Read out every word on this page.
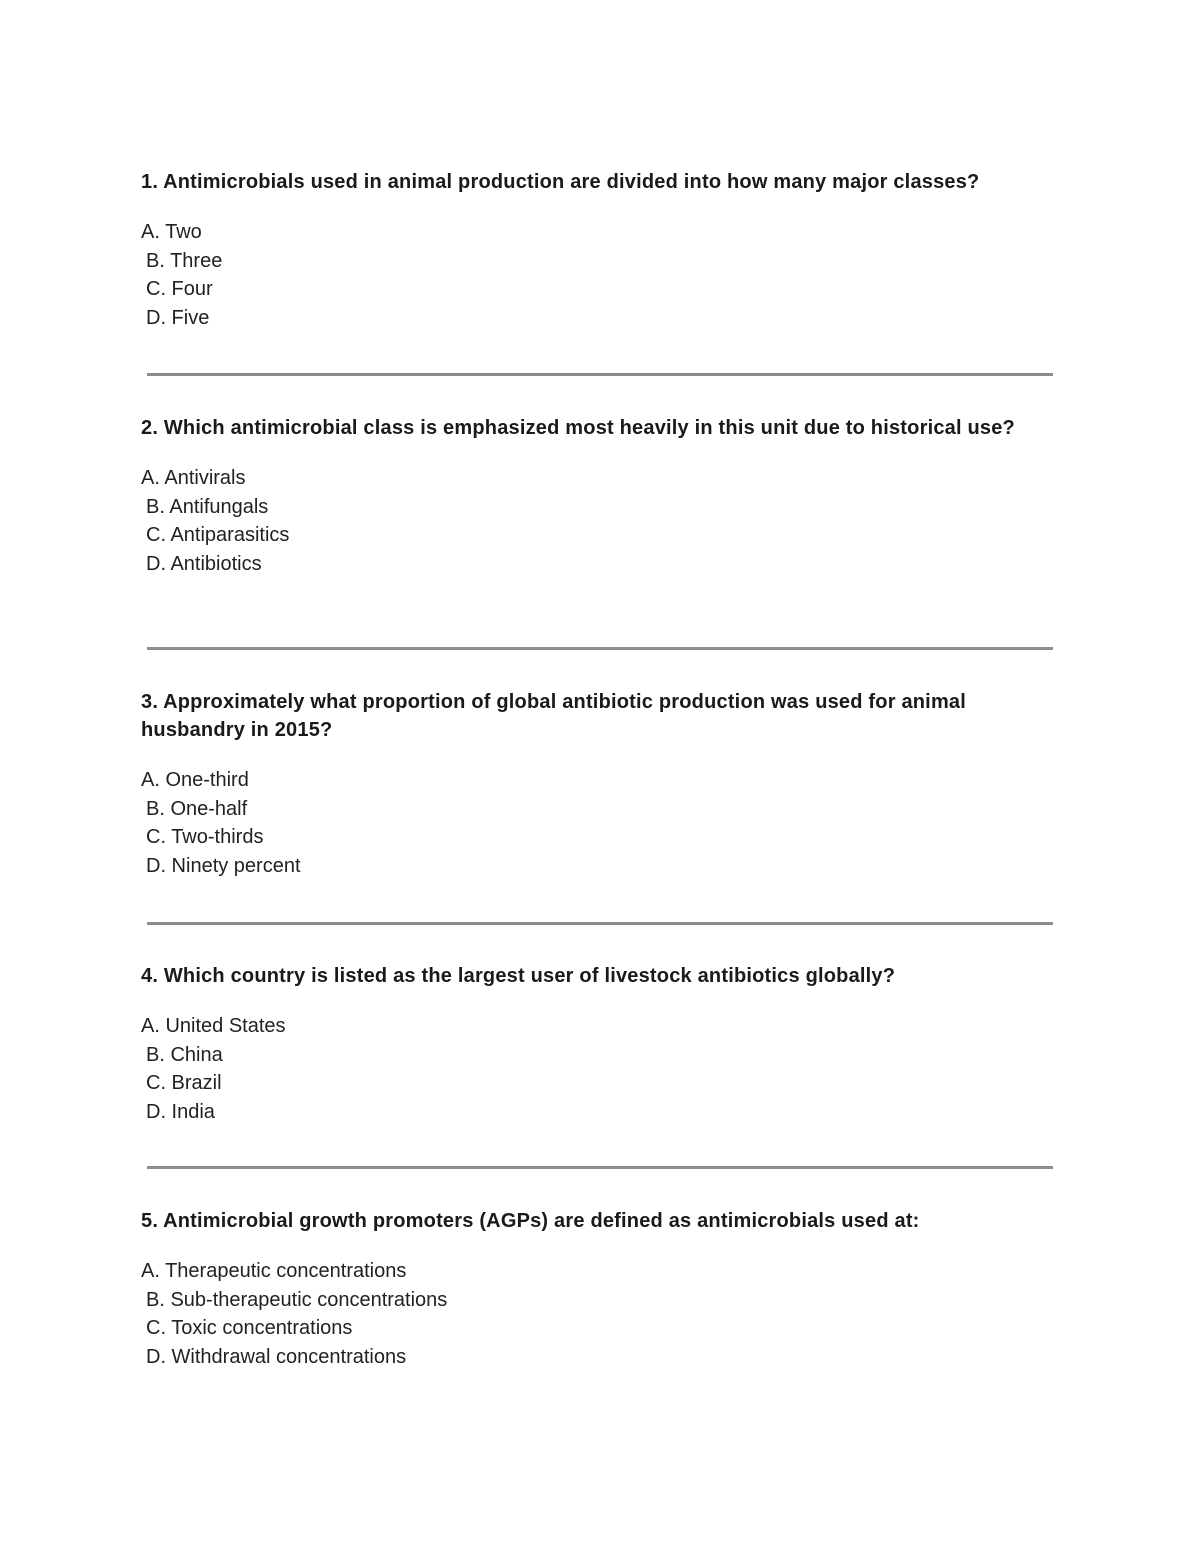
1. Antimicrobials used in animal production are divided into how many major classes?

A. Two
B. Three
C. Four
D. Five

2. Which antimicrobial class is emphasized most heavily in this unit due to historical use?

A. Antivirals
B. Antifungals
C. Antiparasitics
D. Antibiotics

3. Approximately what proportion of global antibiotic production was used for animal husbandry in 2015?

A. One-third
B. One-half
C. Two-thirds
D. Ninety percent

4. Which country is listed as the largest user of livestock antibiotics globally?

A. United States
B. China
C. Brazil
D. India

5. Antimicrobial growth promoters (AGPs) are defined as antimicrobials used at:

A. Therapeutic concentrations
B. Sub-therapeutic concentrations
C. Toxic concentrations
D. Withdrawal concentrations
